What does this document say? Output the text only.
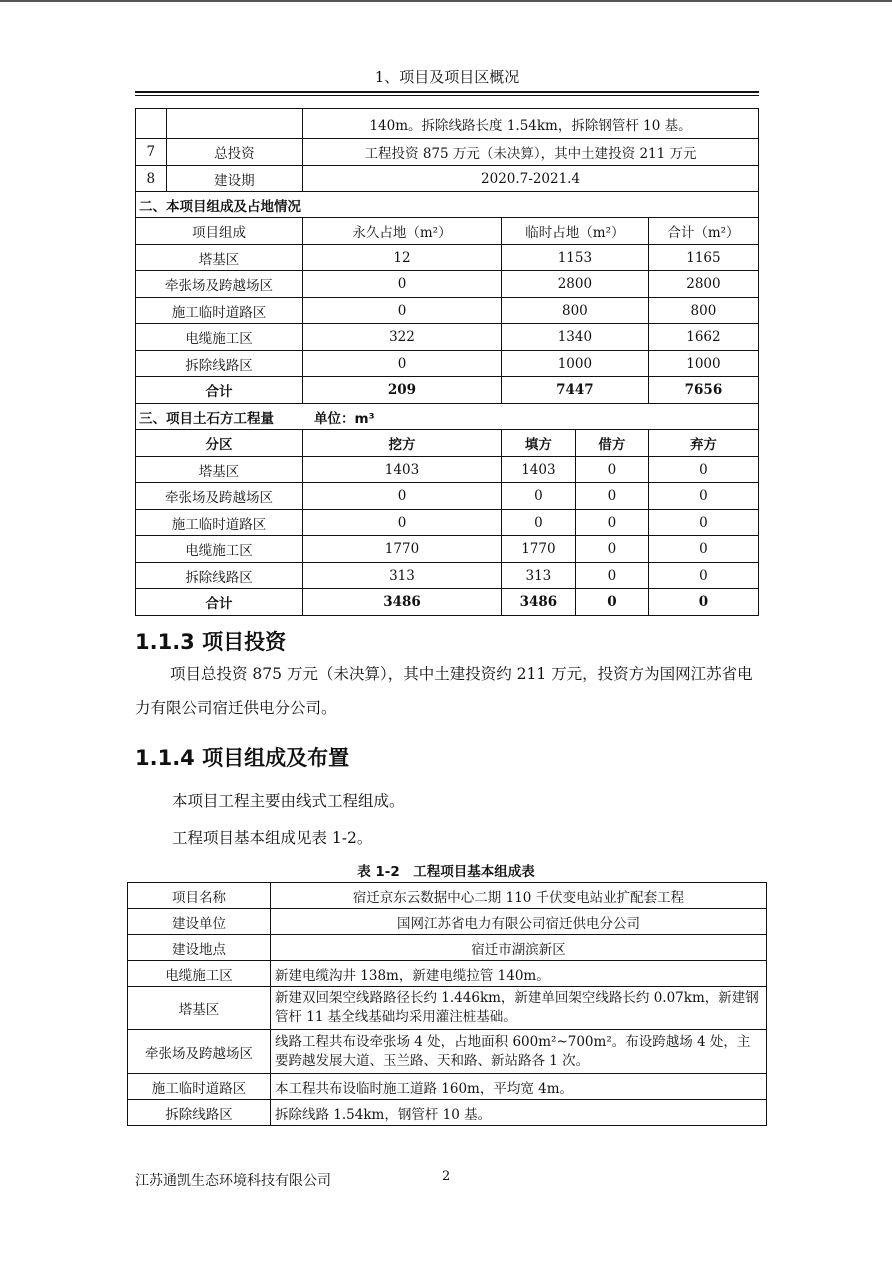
1、项目及项目区概况
		140m。拆除线路长度 1.54km，拆除钢管杆 10 基。			
7	总投资	工程投资 875 万元（未决算），其中土建投资 211 万元			
8	建设期	2020.7-2021.4			
二、本项目组成及占地情况					
项目组成		永久占地（m²）	临时占地（m²）		合计（m²）
塔基区		12	1153		1165
牵张场及跨越场区		0	2800		2800
施工临时道路区		0	800		800
电缆施工区		322	1340		1662
拆除线路区		0	1000		1000
合计		209	7447		7656
三、项目土石方工程量 单位：m³					
分区		挖方	填方	借方	弃方
塔基区		1403	1403	0	0
牵张场及跨越场区		0	0	0	0
施工临时道路区		0	0	0	0
电缆施工区		1770	1770	0	0
拆除线路区		313	313	0	0
合计		3486	3486	0	0
1.1.3 项目投资
项目总投资 875 万元（未决算），其中土建投资约 211 万元，投资方为国网江苏省电力有限公司宿迁供电分公司。
1.1.4 项目组成及布置
本项目工程主要由线式工程组成。
工程项目基本组成见表 1-2。
表 1-2　工程项目基本组成表
项目名称	宿迁京东云数据中心二期 110 千伏变电站业扩配套工程
建设单位	国网江苏省电力有限公司宿迁供电分公司
建设地点	宿迁市湖滨新区
电缆施工区	新建电缆沟井 138m，新建电缆拉管 140m。
塔基区	新建双回架空线路路径长约 1.446km，新建单回架空线路长约 0.07km，新建钢管杆 11 基全线基础均采用灌注桩基础。
牵张场及跨越场区	线路工程共布设牵张场 4 处，占地面积 600m²~700m²。布设跨越场 4 处，主要跨越发展大道、玉兰路、天和路、新站路各 1 次。
施工临时道路区	本工程共布设临时施工道路 160m，平均宽 4m。
拆除线路区	拆除线路 1.54km，钢管杆 10 基。
江苏通凯生态环境科技有限公司	2
